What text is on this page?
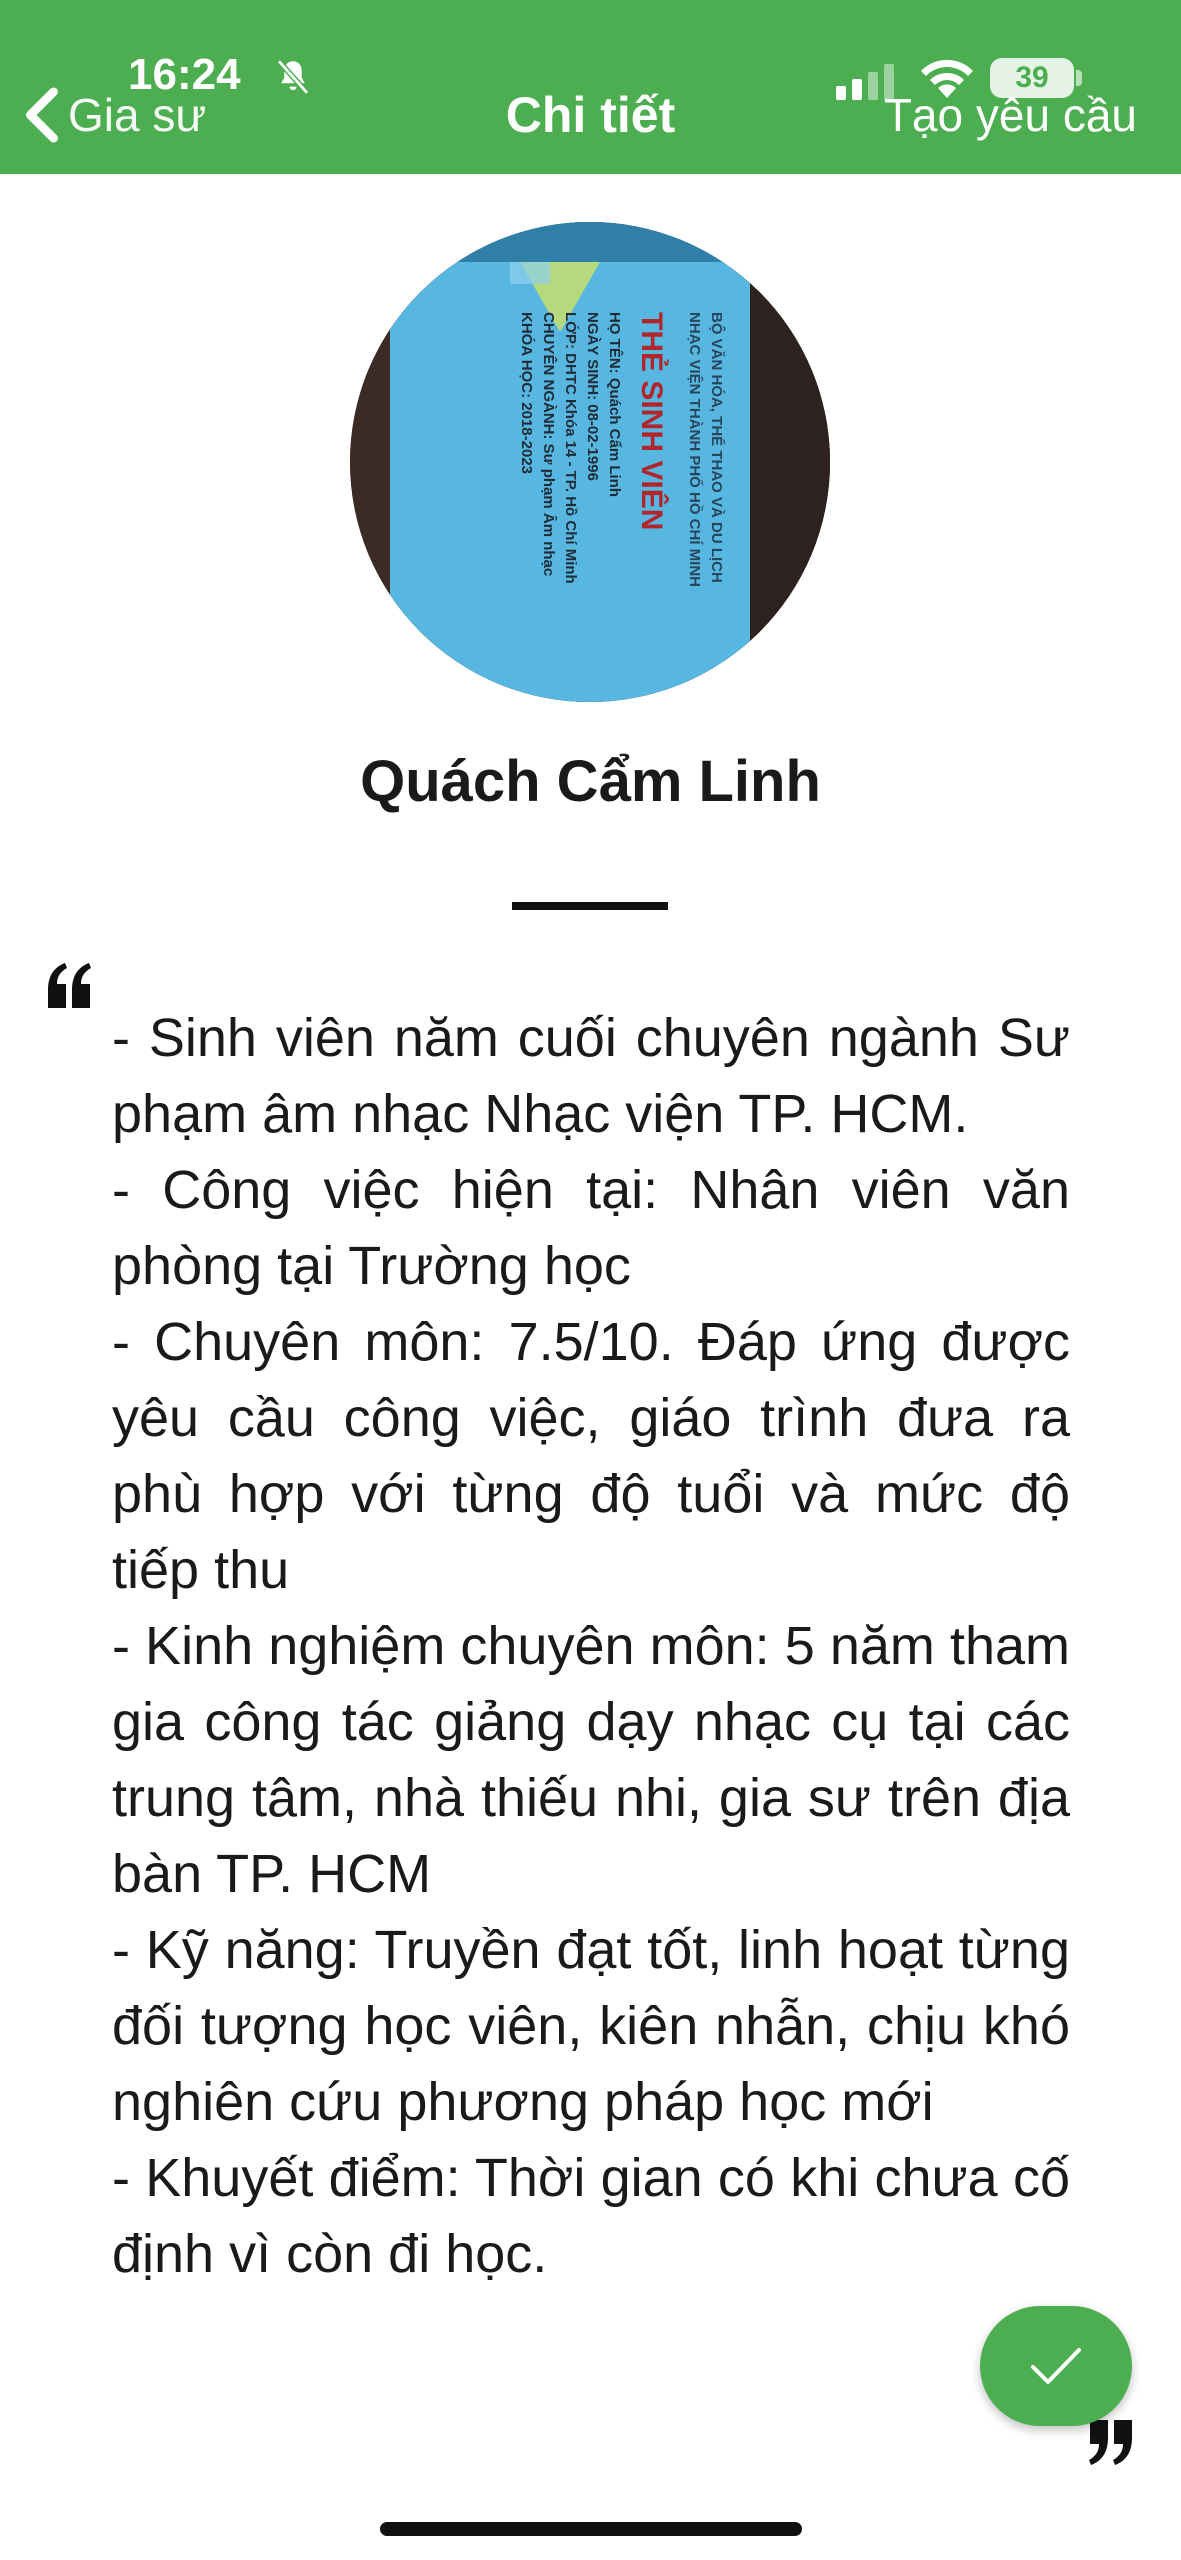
16:24	39
Gia sư	Chi tiết	Tạo yêu cầu
BỘ VĂN HÓA, THỂ THAO VÀ DU LỊCH
NHẠC VIỆN THÀNH PHỐ HỒ CHÍ MINH
THẺ SINH VIÊN
HỌ TÊN: Quách Cẩm Linh
NGÀY SINH: 08-02-1996
LỚP: DHTC Khóa 14 - TP. Hồ Chí Minh
CHUYÊN NGÀNH: Sư phạm Âm nhạc
KHÓA HỌC: 2018-2023
Quách Cẩm Linh
- Sinh viên năm cuối chuyên ngành Sư phạm âm nhạc Nhạc viện TP. HCM.
- Công việc hiện tại: Nhân viên văn phòng tại Trường học
- Chuyên môn: 7.5/10. Đáp ứng được yêu cầu công việc, giáo trình đưa ra phù hợp với từng độ tuổi và mức độ tiếp thu
- Kinh nghiệm chuyên môn: 5 năm tham gia công tác giảng dạy nhạc cụ tại các trung tâm, nhà thiếu nhi, gia sư trên địa bàn TP. HCM
- Kỹ năng: Truyền đạt tốt, linh hoạt từng đối tượng học viên, kiên nhẫn, chịu khó nghiên cứu phương pháp học mới
- Khuyết điểm: Thời gian có khi chưa cố định vì còn đi học.
